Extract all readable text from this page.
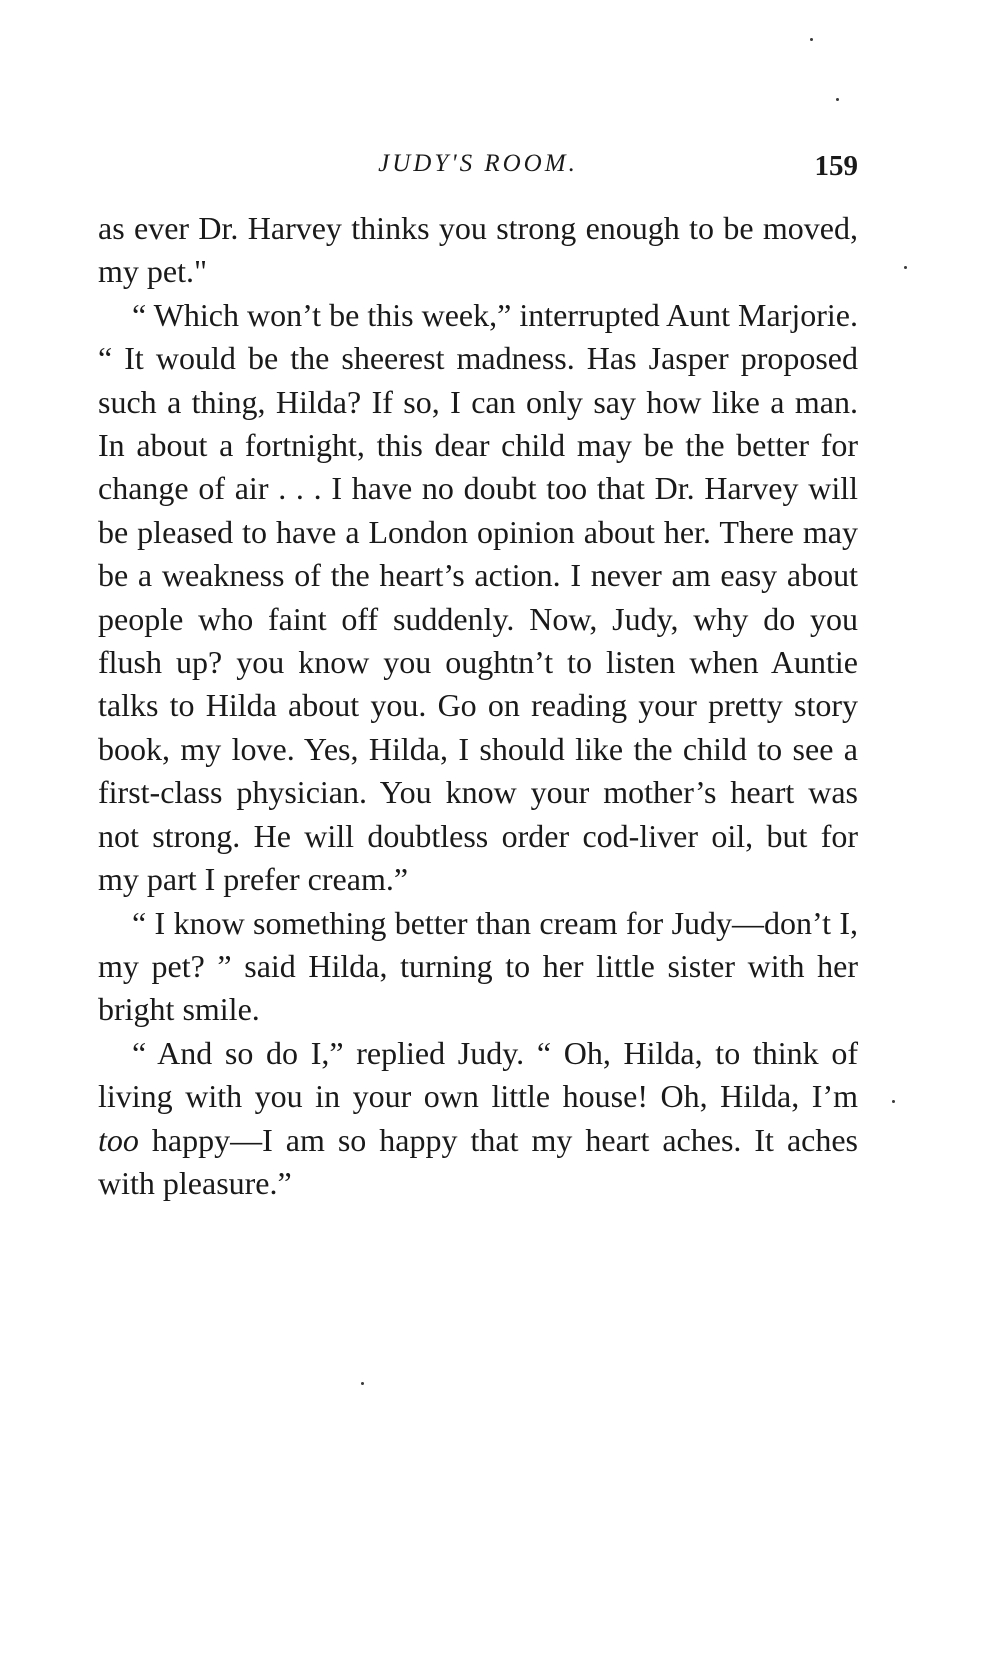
JUDY'S ROOM.	159

as ever Dr. Harvey thinks you strong enough to be moved, my pet."

“ Which won’t be this week,” interrupted Aunt Marjorie. “ It would be the sheerest madness. Has Jasper proposed such a thing, Hilda? If so, I can only say how like a man. In about a fortnight, this dear child may be the better for change of air . . . I have no doubt too that Dr. Harvey will be pleased to have a London opinion about her. There may be a weakness of the heart’s action. I never am easy about people who faint off suddenly. Now, Judy, why do you flush up? you know you oughtn’t to listen when Auntie talks to Hilda about you. Go on reading your pretty story book, my love. Yes, Hilda, I should like the child to see a first-class physician. You know your mother’s heart was not strong. He will doubtless order cod-liver oil, but for my part I prefer cream.”

“ I know something better than cream for Judy—don’t I, my pet? ” said Hilda, turning to her little sister with her bright smile.

“ And so do I,” replied Judy. “ Oh, Hilda, to think of living with you in your own little house! Oh, Hilda, I’m too happy—I am so happy that my heart aches. It aches with pleasure.”
